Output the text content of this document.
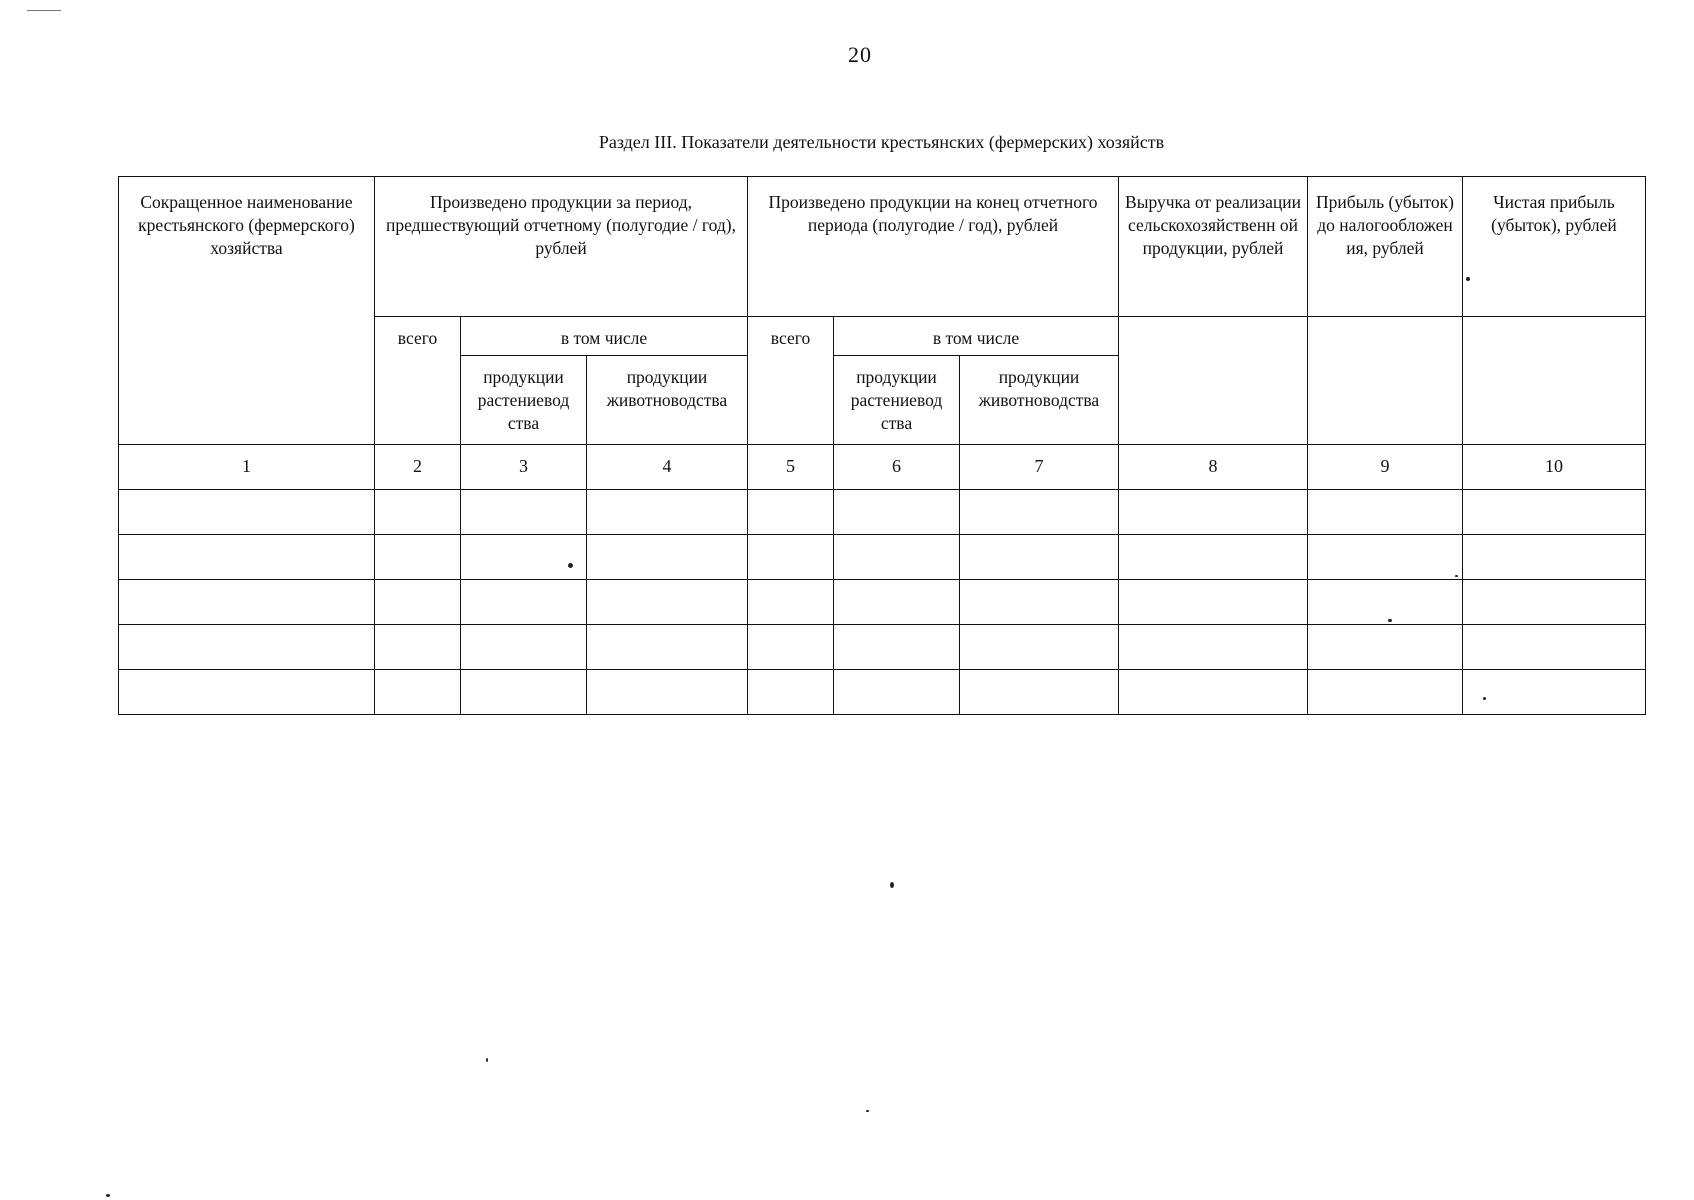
20
Раздел III. Показатели деятельности крестьянских (фермерских) хозяйств
Сокращенное наименование крестьянского (фермерского) хозяйства	Произведено продукции за период, предшествующий отчетному (полугодие / год), рублей			Произведено продукции на конец отчетного периода (полугодие / год), рублей			Выручка от реализации сельскохозяйственн ой продукции, рублей	Прибыль (убыток) до налогообложен ия, рублей	Чистая прибыль (убыток), рублей
	всего	в том числе		всего	в том числе				
		продукции растениевод ства	продукции животноводства		продукции растениевод ства	продукции животноводства			
1	2	3	4	5	6	7	8	9	10
